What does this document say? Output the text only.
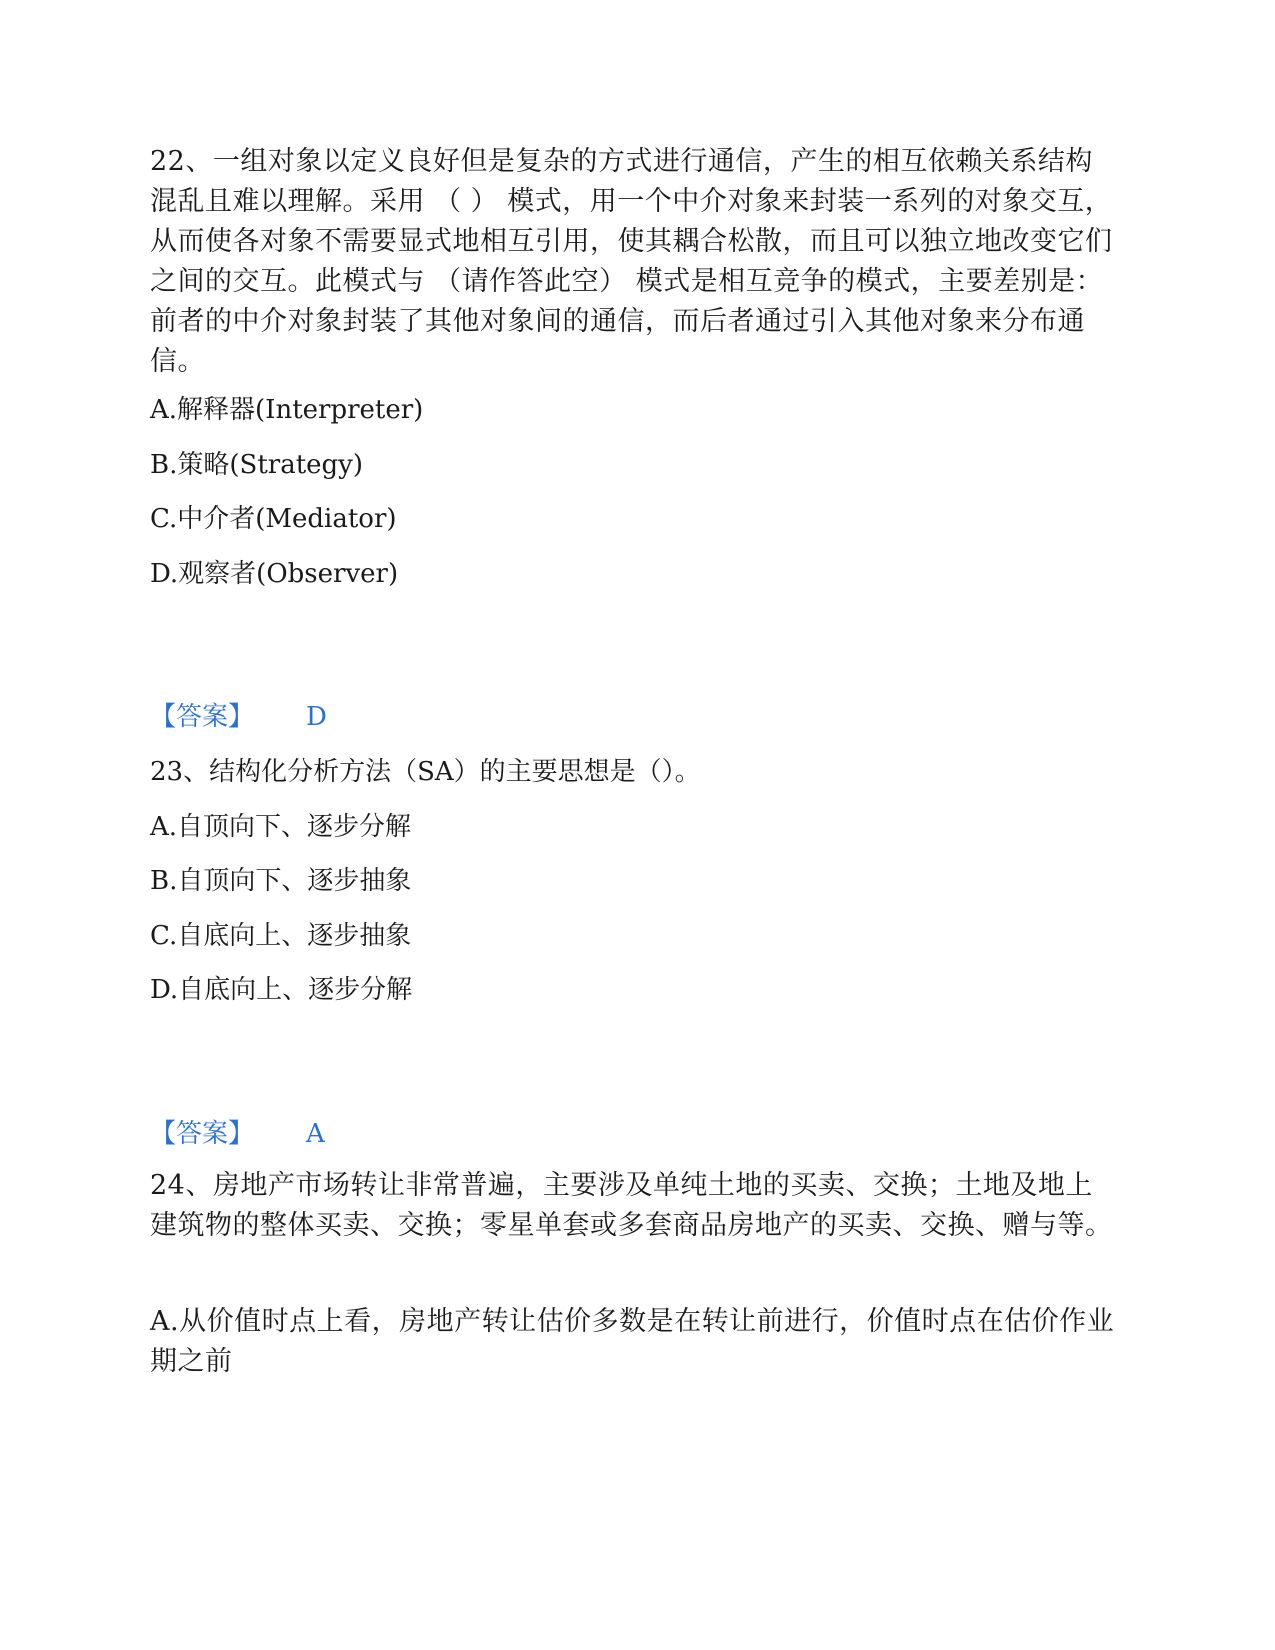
22、一组对象以定义良好但是复杂的方式进行通信，产生的相互依赖关系结构混乱且难以理解。采用 （ ） 模式，用一个中介对象来封装一系列的对象交互，从而使各对象不需要显式地相互引用，使其耦合松散，而且可以独立地改变它们之间的交互。此模式与 （请作答此空） 模式是相互竞争的模式，主要差别是：前者的中介对象封装了其他对象间的通信，而后者通过引入其他对象来分布通信。

A.解释器(Interpreter)

B.策略(Strategy)

C.中介者(Mediator)

D.观察者(Observer)

【答案】 D

23、结构化分析方法（SA）的主要思想是（）。

A.自顶向下、逐步分解

B.自顶向下、逐步抽象

C.自底向上、逐步抽象

D.自底向上、逐步分解

【答案】 A

24、房地产市场转让非常普遍，主要涉及单纯土地的买卖、交换；土地及地上建筑物的整体买卖、交换；零星单套或多套商品房地产的买卖、交换、赠与等。

A.从价值时点上看，房地产转让估价多数是在转让前进行，价值时点在估价作业期之前
